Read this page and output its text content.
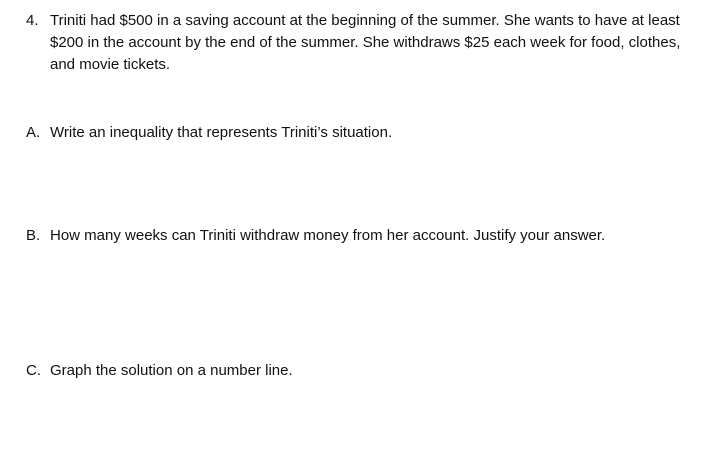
4. Triniti had $500 in a saving account at the beginning of the summer. She wants to have at least $200 in the account by the end of the summer. She withdraws $25 each week for food, clothes, and movie tickets.
A. Write an inequality that represents Triniti’s situation.
B. How many weeks can Triniti withdraw money from her account. Justify your answer.
C. Graph the solution on a number line.
